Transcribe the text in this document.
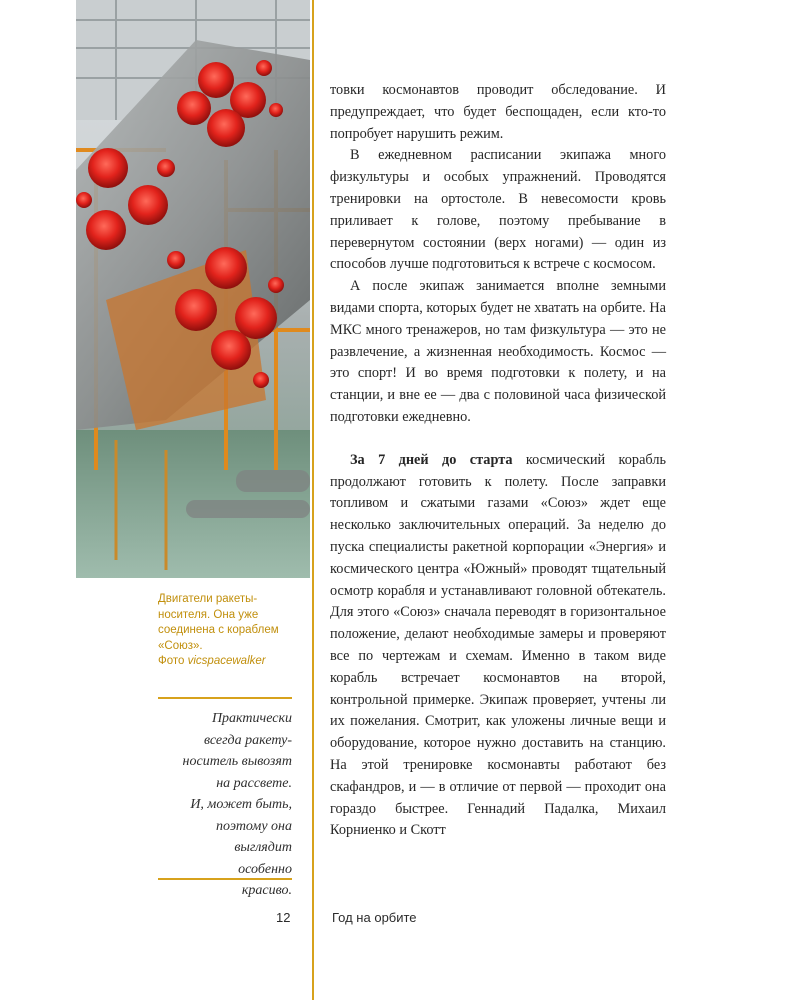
Двигатели ракеты-
носителя. Она уже
соединена с кораблем
«Союз».
Фото vicspacewalker
Практически
всегда ракету-
носитель вывозят
на рассвете.
И, может быть,
поэтому она
выглядит
особенно
красиво.

товки космонавтов проводит обследование. И предупреждает, что будет беспощаден, если кто-то попробует нарушить режим.

В ежедневном расписании экипажа много физкультуры и особых упражнений. Проводятся тренировки на ортостоле. В невесомости кровь приливает к голове, поэтому пребывание в перевернутом состоянии (верх ногами) — один из способов лучше подготовиться к встрече с космосом.

А после экипаж занимается вполне земными видами спорта, которых будет не хватать на орбите. На МКС много тренажеров, но там физкультура — это не развлечение, а жизненная необходимость. Космос — это спорт! И во время подготовки к полету, и на станции, и вне ее — два с половиной часа физической подготовки ежедневно.

За 7 дней до старта космический корабль продолжают готовить к полету. После заправки топливом и сжатыми газами «Союз» ждет еще несколько заключительных операций. За неделю до пуска специалисты ракетной корпорации «Энергия» и космического центра «Южный» проводят тщательный осмотр корабля и устанавливают головной обтекатель. Для этого «Союз» сначала переводят в горизонтальное положение, делают необходимые замеры и проверяют все по чертежам и схемам. Именно в таком виде корабль встречает космонавтов на второй, контрольной примерке. Экипаж проверяет, учтены ли их пожелания. Смотрит, как уложены личные вещи и оборудование, которое нужно доставить на станцию. На этой тренировке космонавты работают без скафандров, и — в отличие от первой — проходит она гораздо быстрее. Геннадий Падалка, Михаил Корниенко и Скотт

12	Год на орбите
